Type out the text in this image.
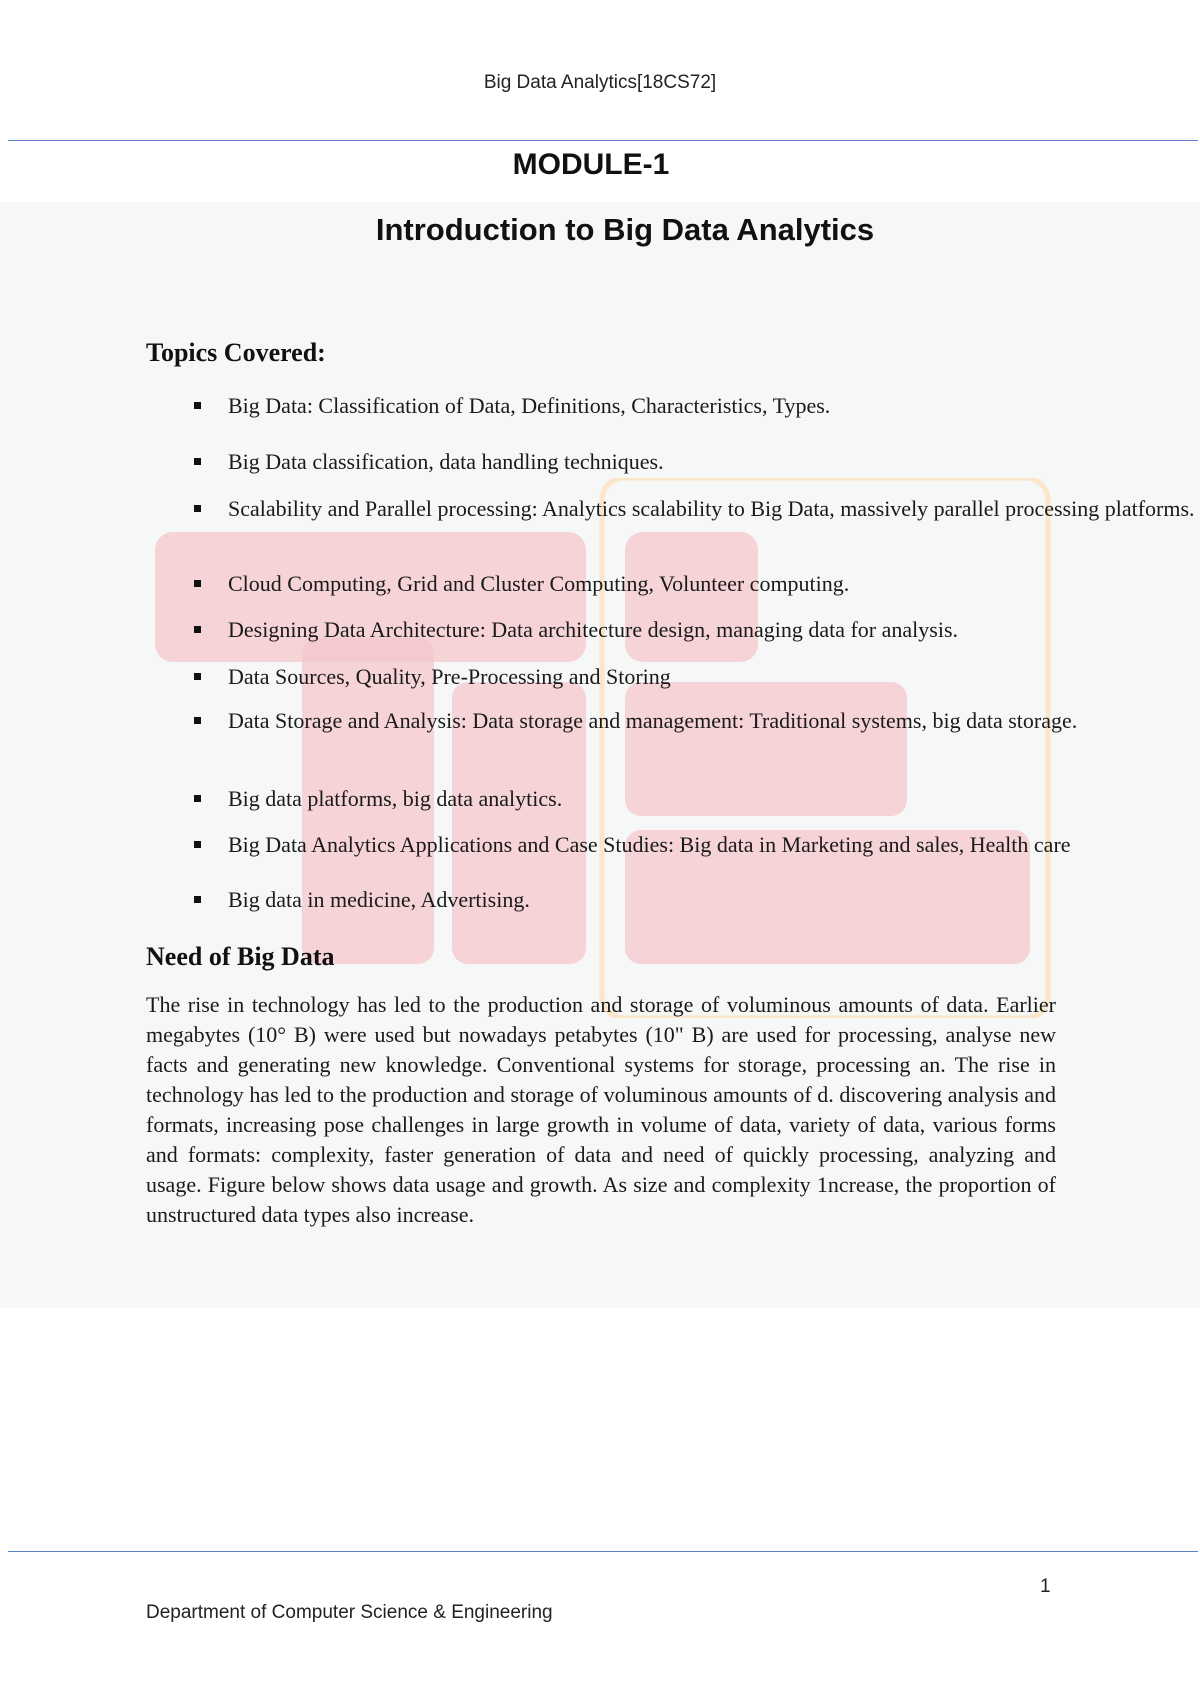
Big Data Analytics[18CS72]
MODULE-1
Introduction to Big Data Analytics
Topics Covered:
Big Data: Classification of Data, Definitions, Characteristics, Types.
Big Data classification, data handling techniques.
Scalability and Parallel processing: Analytics scalability to Big Data, massively parallel processing platforms.
Cloud Computing, Grid and Cluster Computing, Volunteer computing.
Designing Data Architecture: Data architecture design, managing data for analysis.
Data Sources, Quality, Pre-Processing and Storing
Data Storage and Analysis: Data storage and management: Traditional systems, big data storage.
Big data platforms, big data analytics.
Big Data Analytics Applications and Case Studies: Big data in Marketing and sales, Health care
Big data in medicine, Advertising.
Need of Big Data
The rise in technology has led to the production and storage of voluminous amounts of data. Earlier megabytes (10° B) were used but nowadays petabytes (10" B) are used for processing, analyse new facts and generating new knowledge. Conventional systems for storage, processing an. The rise in technology has led to the production and storage of voluminous amounts of d. discovering analysis and formats, increasing pose challenges in large growth in volume of data, variety of data, various forms and formats: complexity, faster generation of data and need of quickly processing, analyzing and usage. Figure below shows data usage and growth. As size and complexity 1ncrease, the proportion of unstructured data types also increase.
1
Department of Computer Science & Engineering
